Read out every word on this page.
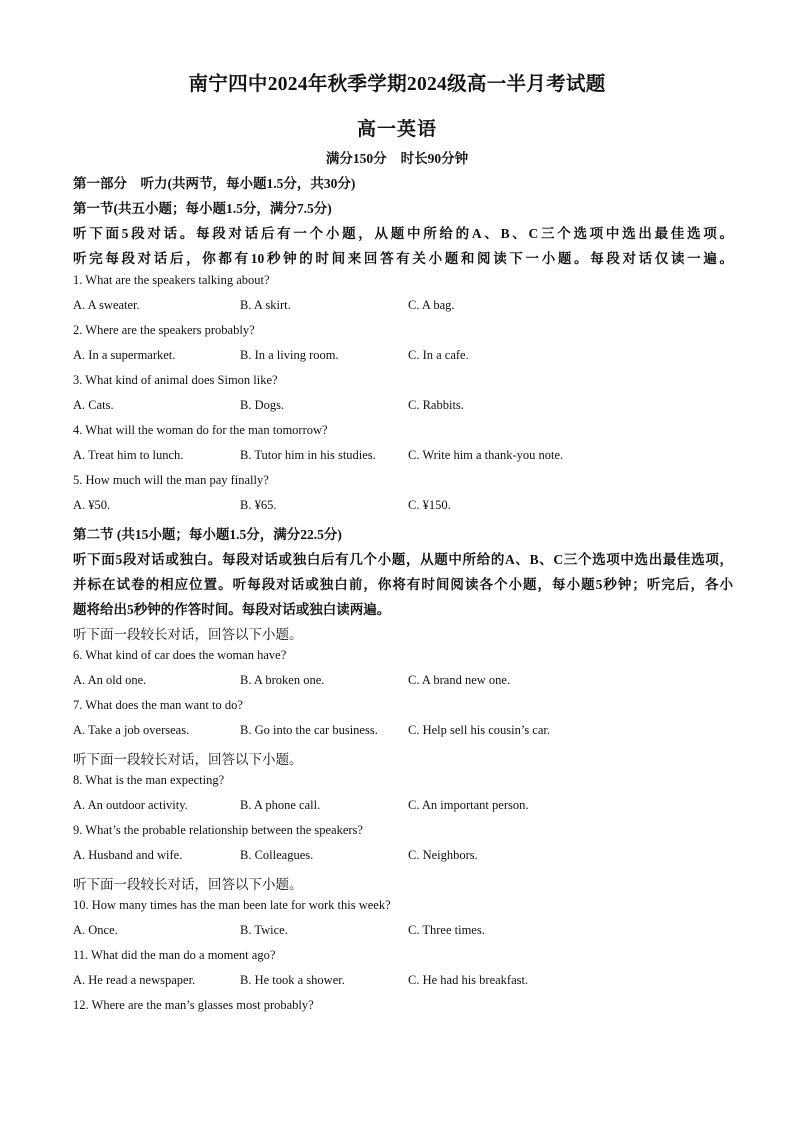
南宁四中2024年秋季学期2024级高一半月考试题
高一英语
满分150分 时长90分钟
第一部分　听力(共两节，每小题1.5分，共30分)
第一节(共五小题；每小题1.5分，满分7.5分)
听下面5段对话。每段对话后有一个小题，从题中所给的A、B、C三个选项中选出最佳选项。
听完每段对话后，你都有10秒钟的时间来回答有关小题和阅读下一小题。每段对话仅读一遍。
1. What are the speakers talking about?
A. A sweater.	B. A skirt.	C. A bag.
2. Where are the speakers probably?
A. In a supermarket.	B. In a living room.	C. In a cafe.
3. What kind of animal does Simon like?
A. Cats.	B. Dogs.	C. Rabbits.
4. What will the woman do for the man tomorrow?
A. Treat him to lunch.	B. Tutor him in his studies.	C. Write him a thank-you note.
5. How much will the man pay finally?
A. ¥50.	B. ¥65.	C. ¥150.
第二节 (共15小题；每小题1.5分，满分22.5分)
听下面5段对话或独白。每段对话或独白后有几个小题，从题中所给的A、B、C三个选项中选出最佳选项，
并标在试卷的相应位置。听每段对话或独白前，你将有时间阅读各个小题，每小题5秒钟；听完后，各小
题将给出5秒钟的作答时间。每段对话或独白读两遍。
听下面一段较长对话，回答以下小题。
6. What kind of car does the woman have?
A. An old one.	B. A broken one.	C. A brand new one.
7. What does the man want to do?
A. Take a job overseas.	B. Go into the car business. C. Help sell his cousin’s car.
听下面一段较长对话，回答以下小题。
8. What is the man expecting?
A. An outdoor activity.	B. A phone call.	C. An important person.
9. What’s the probable relationship between the speakers?
A. Husband and wife.	B. Colleagues.	C. Neighbors.
听下面一段较长对话，回答以下小题。
10. How many times has the man been late for work this week?
A. Once.	B. Twice.	C. Three times.
11. What did the man do a moment ago?
A. He read a newspaper.	B. He took a shower.	C. He had his breakfast.
12. Where are the man’s glasses most probably?
